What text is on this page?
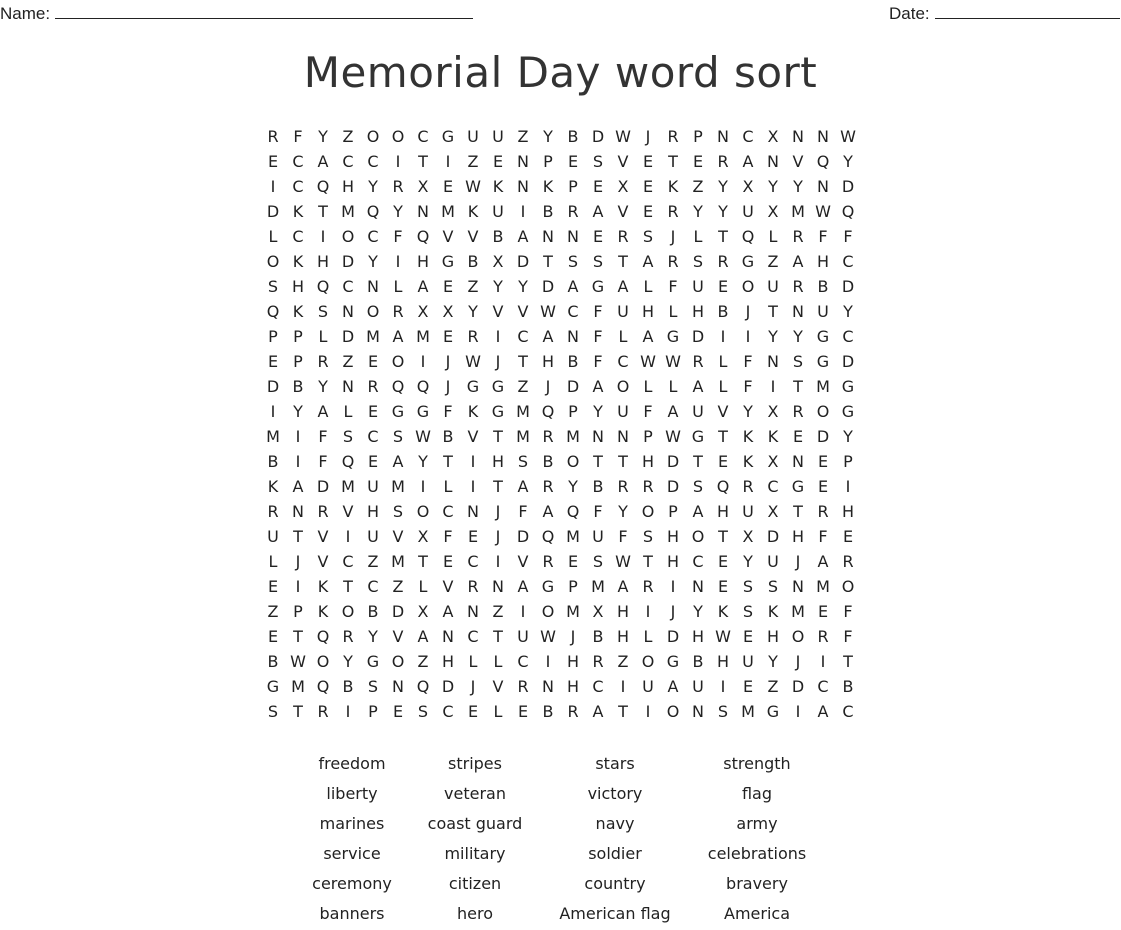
Name:	Date:
Memorial Day word sort
R F Y Z O O C G U U Z Y B D W J	R P N C X N N W
E C A C C	I	T	I	Z E N P E S V E T E R A N V Q Y
I	C Q H Y R X E W K N K P E X E K Z Y X Y Y N D
D K T M Q Y N M K U	I	B R A V E R Y Y U X M W Q
L C	I	O C F Q V V B A N N E R S	J	L T Q L R F F
O K H D Y	I	H G B X D T S S T A R S R G Z A H C
S H Q C N L A E Z Y Y D A G A L F U E O U R B D
Q K S N O R X X Y V V W C F U H L H B	J	T N U Y
P P L D M A M E R	I	C A N F L A G D	I	I	Y Y G C
E P R Z E O	I	J W J	T H B F C W W R L F N S G D
D B Y N R Q Q	J	G G Z	J	D A O L	L A L F	I	T M G
I	Y A L E G G F K G M Q P Y U F A U V Y X R O G
M I	F S C S W B V T M R M N N P W G T K K E D Y
B	I	F Q E A Y T	I	H S B O T T H D T E K X N E P
K A D M U M I	L	I	T A R Y B R R D S Q R C G E	I
R N R V H S O C N	J	F A Q F Y O P A H U X T R H
U T V	I	U V X F E	J	D Q M U F S H O T X D H F E
L	J	V C Z M T E C	I	V R E S W T H C E Y U	J	A R
E	I	K T C Z L V R N A G P M A R	I	N E S S N M O
Z P K O B D X A N Z	I	O M X H	I	J	Y K S K M E F
E T Q R Y V A N C T U W J	B H L D H W E H O R F
B W O Y G O Z H L	L C	I	H R Z O G B H U Y	J	I	T
G M Q B S N Q D	J	V R N H C	I	U A U	I	E Z D C B
S T R	I	P E S C E L E B R A T	I	O N S M G	I	A C
freedom	stripes	stars	strength
liberty	veteran	victory	flag
marines	coast guard	navy	army
service	military	soldier	celebrations
ceremony	citizen	country	bravery
banners	hero	American flag	America
